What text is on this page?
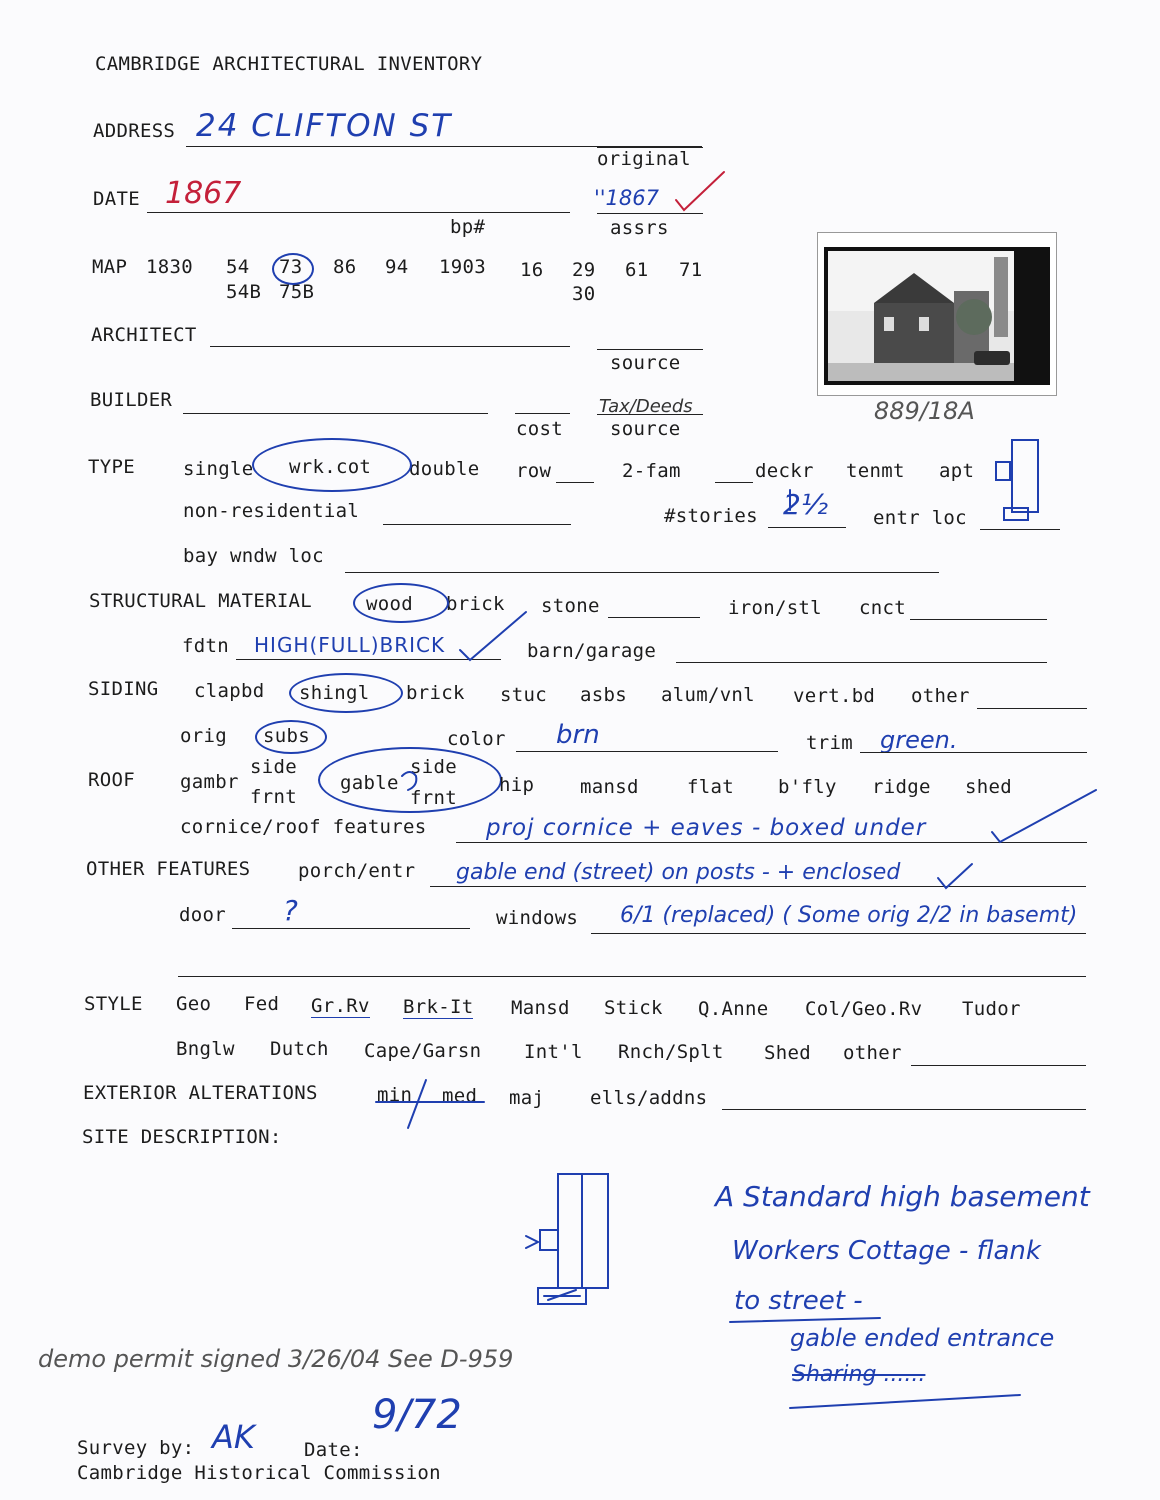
CAMBRIDGE ARCHITECTURAL INVENTORY
ADDRESS 24 CLIFTON ST
original
DATE 1867
bp#
''1867
assrs
MAP 1830 54 73 86 94 1903 16 29 61 71
54B 75B	30
889/18A
ARCHITECT
source
BUILDER
cost
Tax/Deeds
source
TYPE	single wrk.cot double row	2-fam	deckr tenmt apt
non-residential	#stories 2½ entr loc
bay wndw loc
STRUCTURAL MATERIAL	wood brick stone	iron/stl cnct
fdtn HIGH(FULL)BRICK	barn/garage
SIDING clapbd shingl brick stuc asbs alum/vnl vert.bd other
orig subs	color brn	trim green.
ROOF gambr
side
frnt
gable
side
frnt
hip mansd	flat b'fly ridge shed
cornice/roof features	proj cornice + eaves - boxed under
OTHER FEATURES	porch/entr gable end (street) on posts - + enclosed
door ?	windows 6/1 (replaced) ( Some orig 2/2 in basemt)
STYLE Geo Fed Gr.Rv Brk-It Mansd Stick Q.Anne Col/Geo.Rv Tudor
Bnglw Dutch Cape/Garsn Int'l Rnch/Splt Shed other
EXTERIOR ALTERATIONS	min med maj ells/addns
SITE DESCRIPTION:
A Standard high basement
Workers Cottage - flank
to street -
gable ended entrance
Sharing ......
demo permit signed 3/26/04 See D-959
Survey by: AK	Date:
9/72
Cambridge Historical Commission
